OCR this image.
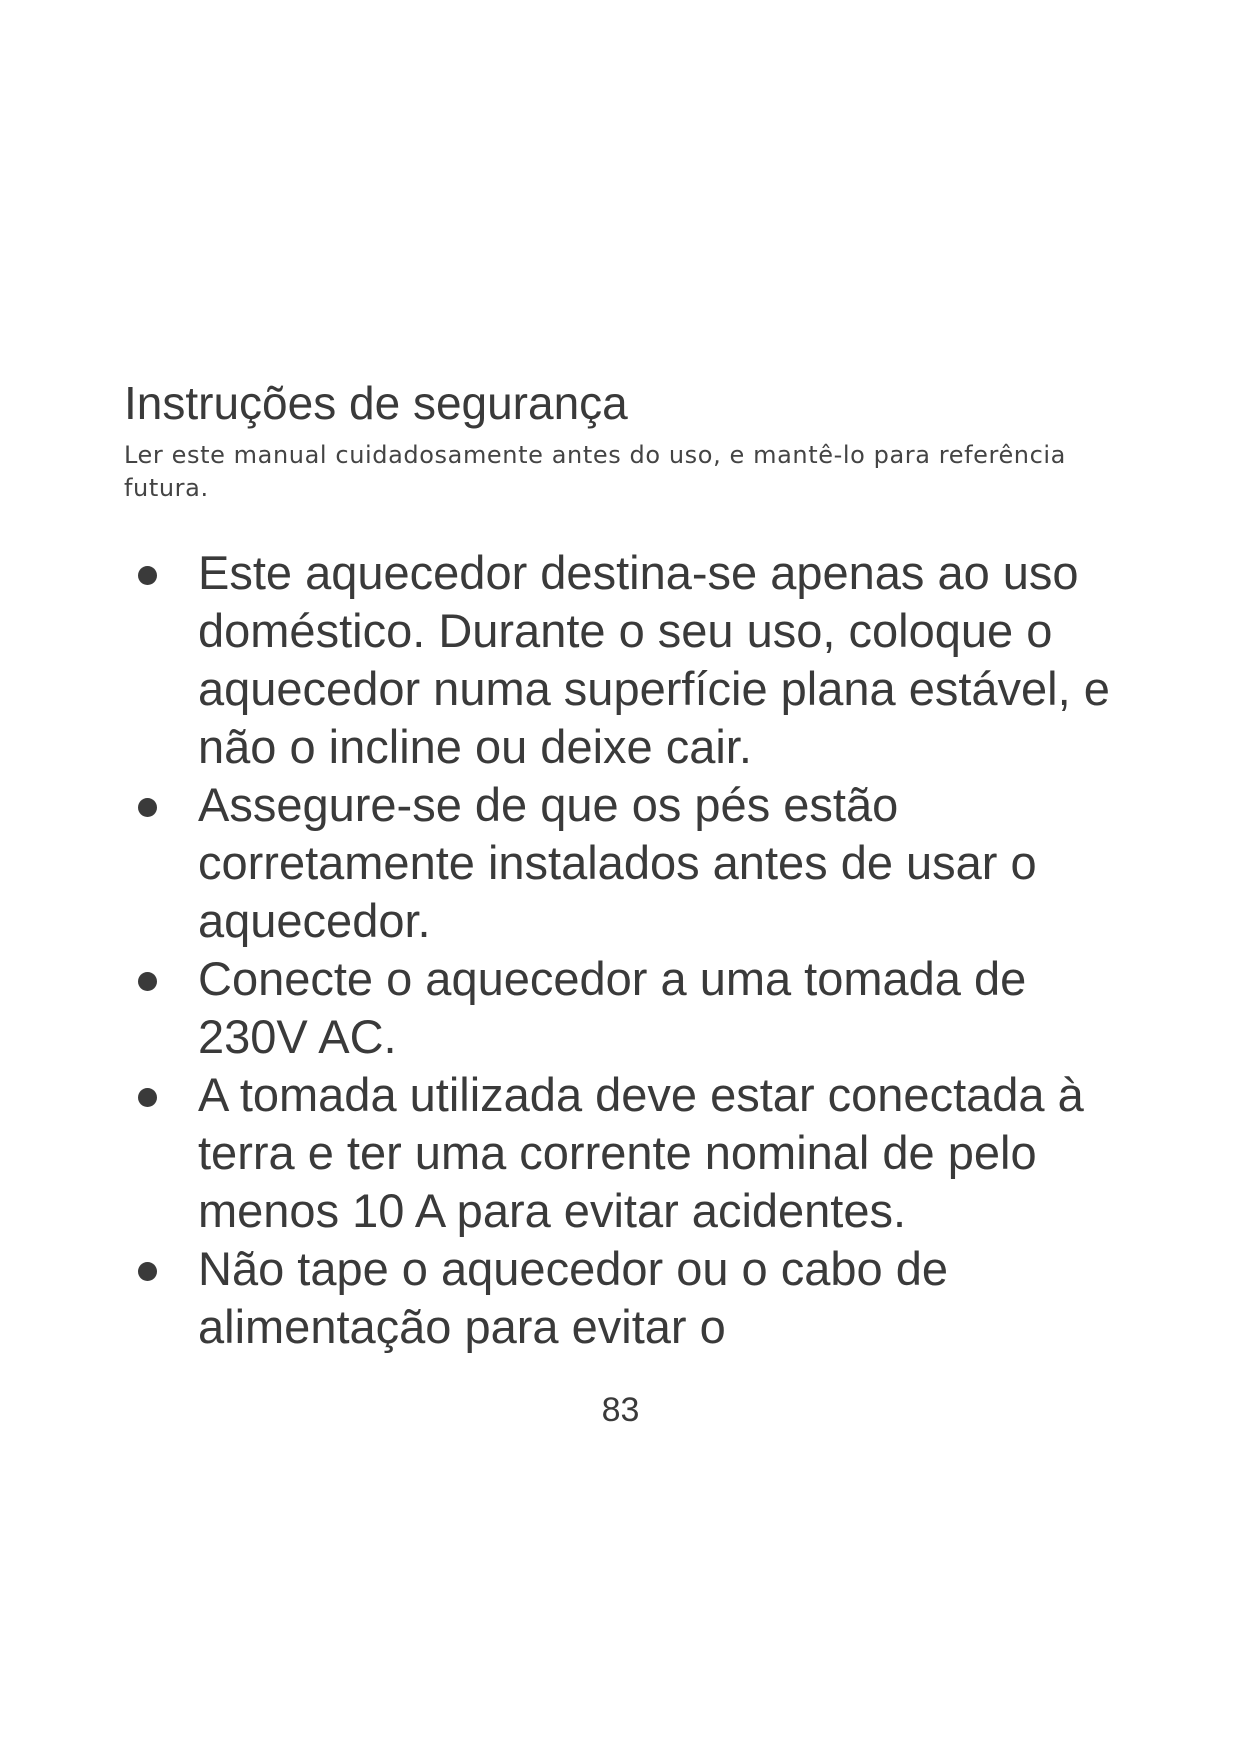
Instruções de segurança

Ler este manual cuidadosamente antes do uso, e mantê-lo para referência futura.

Este aquecedor destina-se apenas ao uso doméstico. Durante o seu uso, coloque o aquecedor numa superfície plana estável, e não o incline ou deixe cair.
Assegure-se de que os pés estão corretamente instalados antes de usar o aquecedor.
Conecte o aquecedor a uma tomada de 230V AC.
A tomada utilizada deve estar conectada à terra e ter uma corrente nominal de pelo menos 10 A para evitar acidentes.
Não tape o aquecedor ou o cabo de alimentação para evitar o

83
